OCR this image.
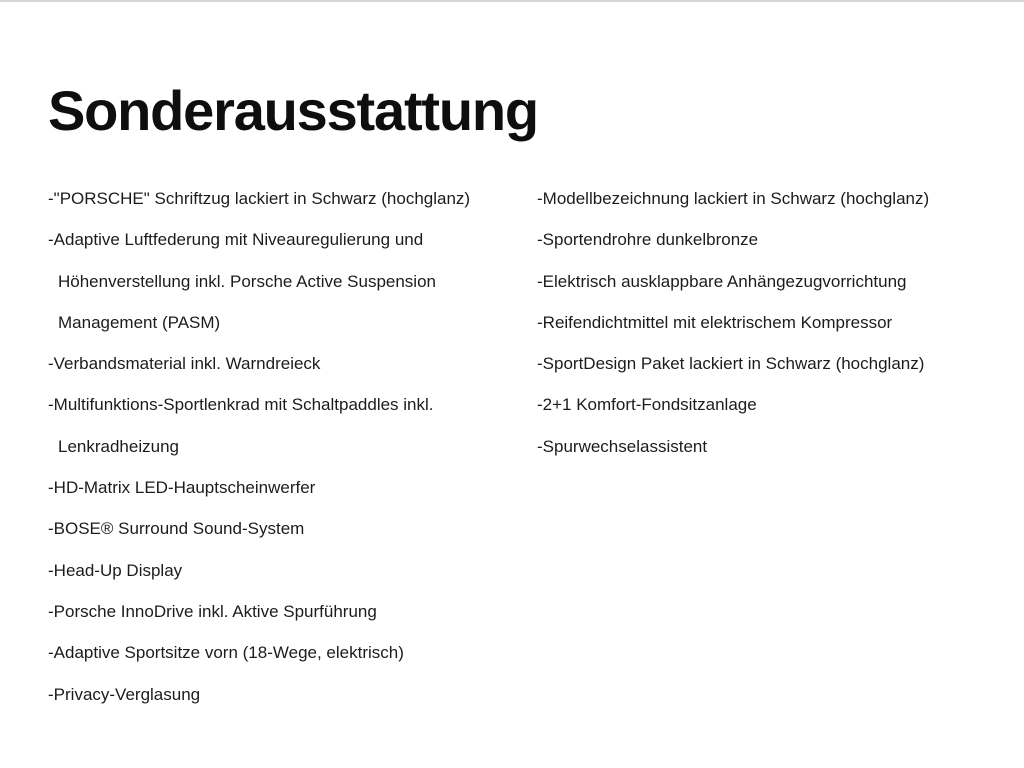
Sonderausstattung
-"PORSCHE" Schriftzug lackiert in Schwarz (hochglanz)
-Adaptive Luftfederung mit Niveauregulierung und
Höhenverstellung inkl. Porsche Active Suspension
Management (PASM)
-Verbandsmaterial inkl. Warndreieck
-Multifunktions-Sportlenkrad mit Schaltpaddles inkl.
Lenkradheizung
-HD-Matrix LED-Hauptscheinwerfer
-BOSE® Surround Sound-System
-Head-Up Display
-Porsche InnoDrive inkl. Aktive Spurführung
-Adaptive Sportsitze vorn (18-Wege, elektrisch)
-Privacy-Verglasung
-Modellbezeichnung lackiert in Schwarz (hochglanz)
-Sportendrohre dunkelbronze
-Elektrisch ausklappbare Anhängezugvorrichtung
-Reifendichtmittel mit elektrischem Kompressor
-SportDesign Paket lackiert in Schwarz (hochglanz)
-2+1 Komfort-Fondsitzanlage
-Spurwechselassistent
